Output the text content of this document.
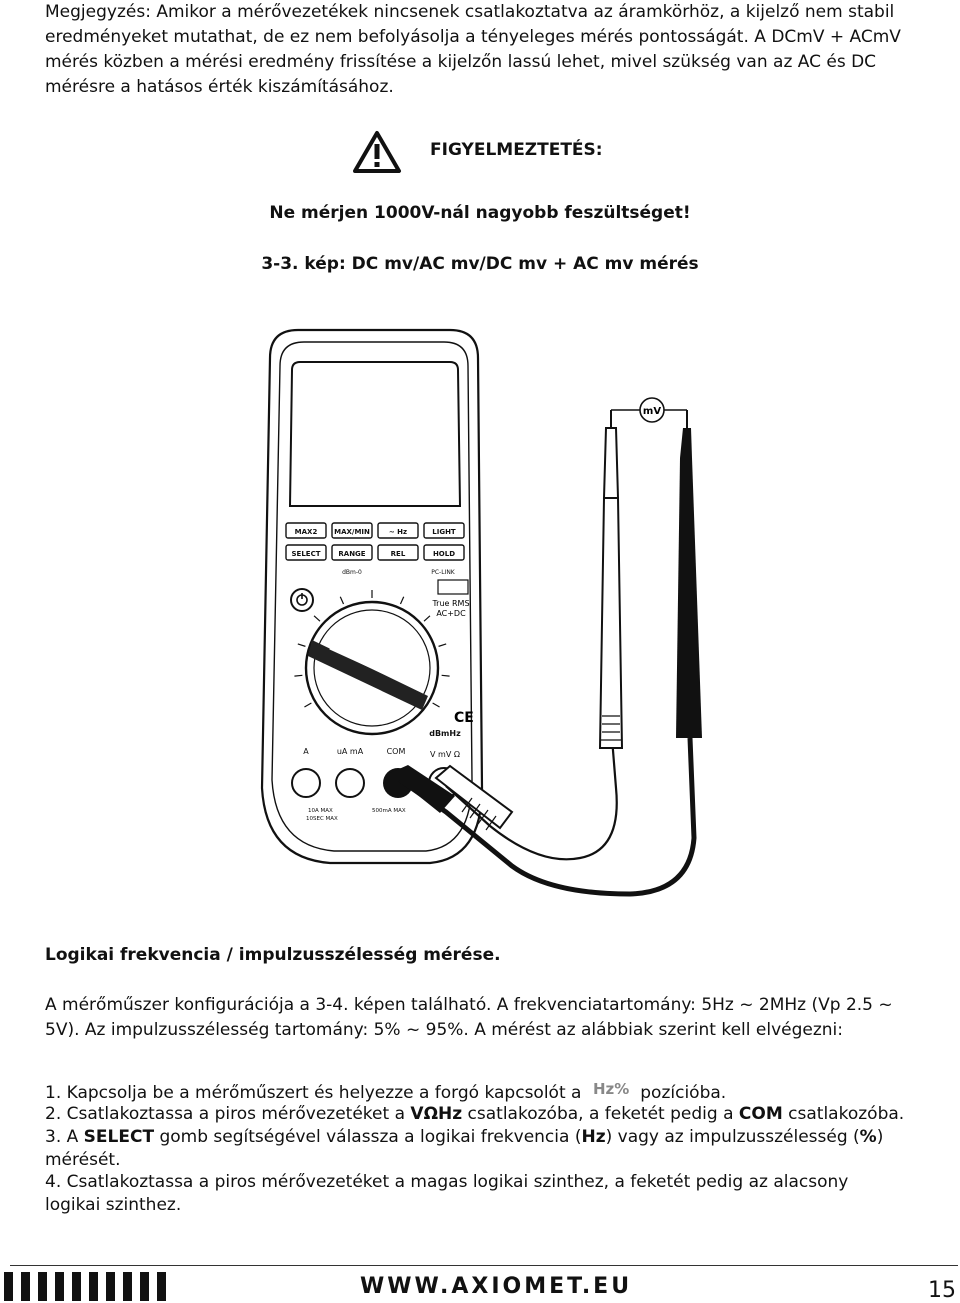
Megjegyzés: Amikor a mérővezetékek nincsenek csatlakoztatva az áramkörhöz, a kijelző nem stabil

eredményeket mutathat, de ez nem befolyásolja a tényeleges mérés pontosságát. A DCmV + ACmV

mérés közben a mérési eredmény frissítése a kijelzőn lassú lehet, mivel szükség van az AC és DC

mérésre a hatásos érték kiszámításához.

FIGYELMEZTETÉS:

Ne mérjen 1000V-nál nagyobb feszültséget!

3-3. kép: DC mv/AC mv/DC mv + AC mv mérés

MAX2 MAX/MIN	~ Hz	LIGHT
SELECT	RANGE	REL	HOLD
dBm-0	PC-LINK
True RMS
AC+DC
CE
A	uA mA	COM	V mV Ω
dBmHz
10A MAX
10SEC MAX
500mA MAX
mV

Logikai frekvencia / impulzusszélesség mérése.

A mérőműszer konfigurációja a 3-4. képen található. A frekvenciatartomány: 5Hz ~ 2MHz (Vp 2.5 ~

5V). Az impulzusszélesség tartomány: 5% ~ 95%. A mérést az alábbiak szerint kell elvégezni:

1. Kapcsolja be a mérőműszert és helyezze a forgó kapcsolót a Hz% pozícióba.

2. Csatlakoztassa a piros mérővezetéket a VΩHz csatlakozóba, a feketét pedig a COM csatlakozóba.

3. A SELECT gomb segítségével válassza a logikai frekvencia (Hz) vagy az impulzusszélesség (%)

mérését.

4. Csatlakoztassa a piros mérővezetéket a magas logikai szinthez, a feketét pedig az alacsony

logikai szinthez.

WWW.AXIOMET.EU	15
